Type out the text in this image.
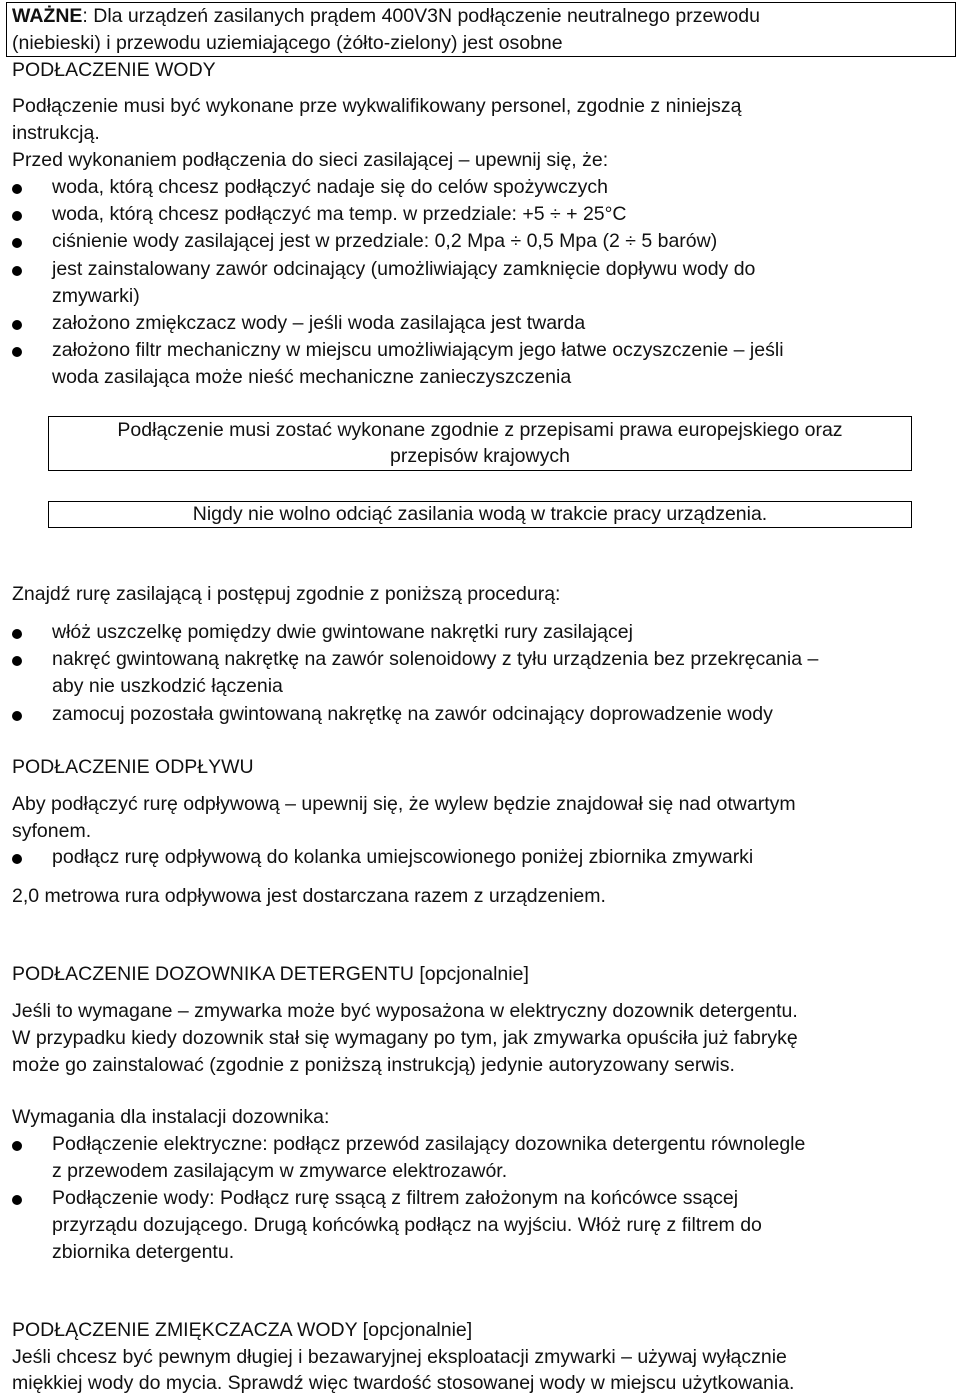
WAŻNE: Dla urządzeń zasilanych prądem 400V3N podłączenie neutralnego przewodu
(niebieski) i przewodu uziemiającego (żółto-zielony) jest osobne
PODŁACZENIE WODY
Podłączenie musi być wykonane prze wykwalifikowany personel, zgodnie z niniejszą
instrukcją.
Przed wykonaniem podłączenia do sieci zasilającej – upewnij się, że:
woda, którą chcesz podłączyć nadaje się do celów spożywczych
woda, którą chcesz podłączyć ma temp. w przedziale: +5 ÷ + 25°C
ciśnienie wody zasilającej jest w przedziale: 0,2 Mpa ÷ 0,5 Mpa (2 ÷ 5 barów)
jest zainstalowany zawór odcinający (umożliwiający zamknięcie dopływu wody do
zmywarki)
założono zmiękczacz wody – jeśli woda zasilająca jest twarda
założono filtr mechaniczny w miejscu umożliwiającym jego łatwe oczyszczenie – jeśli
woda zasilająca może nieść mechaniczne zanieczyszczenia
Podłączenie musi zostać wykonane zgodnie z przepisami prawa europejskiego oraz
przepisów krajowych
Nigdy nie wolno odciąć zasilania wodą w trakcie pracy urządzenia.
Znajdź rurę zasilającą i postępuj zgodnie z poniższą procedurą:
włóż uszczelkę pomiędzy dwie gwintowane nakrętki rury zasilającej
nakręć gwintowaną nakrętkę na zawór solenoidowy z tyłu urządzenia bez przekręcania –
aby nie uszkodzić łączenia
zamocuj pozostała gwintowaną nakrętkę na zawór odcinający doprowadzenie wody
PODŁACZENIE ODPŁYWU
Aby podłączyć rurę odpływową – upewnij się, że wylew będzie znajdował się nad otwartym
syfonem.
podłącz rurę odpływową do kolanka umiejscowionego poniżej zbiornika zmywarki
2,0 metrowa rura odpływowa jest dostarczana razem z urządzeniem.
PODŁACZENIE DOZOWNIKA DETERGENTU [opcjonalnie]
Jeśli to wymagane – zmywarka może być wyposażona w elektryczny dozownik detergentu.
W przypadku kiedy dozownik stał się wymagany po tym, jak zmywarka opuściła już fabrykę
może go zainstalować (zgodnie z poniższą instrukcją) jedynie autoryzowany serwis.
Wymagania dla instalacji dozownika:
Podłączenie elektryczne: podłącz przewód zasilający dozownika detergentu równolegle
z przewodem zasilającym w zmywarce elektrozawór.
Podłączenie wody: Podłącz rurę ssącą z filtrem założonym na końcówce ssącej
przyrządu dozującego. Drugą końcówką podłącz na wyjściu. Włóż rurę z filtrem do
zbiornika detergentu.
PODŁĄCZENIE ZMIĘKCZACZA WODY [opcjonalnie]
Jeśli chcesz być pewnym długiej i bezawaryjnej eksploatacji zmywarki – używaj wyłącznie
miękkiej wody do mycia. Sprawdź więc twardość stosowanej wody w miejscu użytkowania.
